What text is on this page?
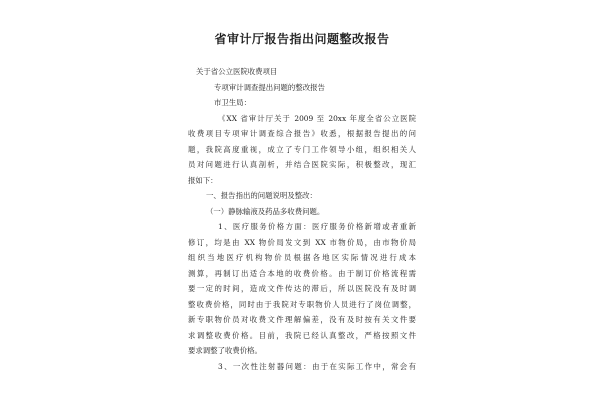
省审计厅报告指出问题整改报告
关于省公立医院收费项目
专项审计调查提出问题的整改报告
市卫生局：
《XX 省审计厅关于 2009 至 20xx 年度全省公立医院
收费项目专项审计调查综合报告》收悉，根据报告提出的问
题，我院高度重视，成立了专门工作领导小组，组织相关人
员对问题进行认真剖析，并结合医院实际，积极整改，现汇
报如下：
一、报告指出的问题说明及整改：
（一）静脉输液及药品多收费问题。
1、医疗服务价格方面：医疗服务价格新增或者重新
修订，均是由 XX 物价局发文到 XX 市物价局，由市物价局
组织当地医疗机构物价员根据各地区实际情况进行成本
测算，再制订出适合本地的收费价格。由于制订价格流程需
要一定的时间，造成文件传达的滞后，所以医院没有及时调
整收费价格，同时由于我院对专职物价人员进行了岗位调整，
新专职物价员对收费文件理解偏差，没有及时按有关文件要
求调整收费价格。目前，我院已经认真整改，严格按照文件
要求调整了收费价格。
3、一次性注射器问题：由于在实际工作中，常会有
